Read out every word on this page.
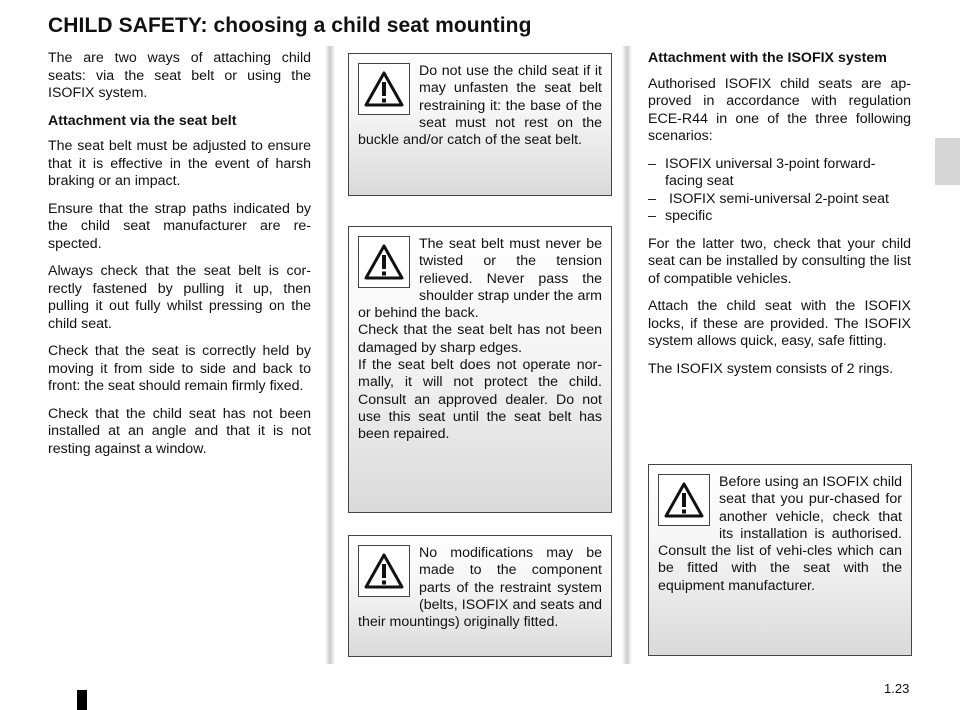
CHILD SAFETY: choosing a child seat mounting

The are two ways of attaching child seats: via the seat belt or using the ISOFIX system.

Attachment via the seat belt

The seat belt must be adjusted to ensure that it is effective in the event of harsh braking or an impact.

Ensure that the strap paths indicated by the child seat manufacturer are re-spected.

Always check that the seat belt is cor-rectly fastened by pulling it up, then pulling it out fully whilst pressing on the child seat.

Check that the seat is correctly held by moving it from side to side and back to front: the seat should remain firmly fixed.

Check that the child seat has not been installed at an angle and that it is not resting against a window.

Do not use the child seat if it may unfasten the seat belt restraining it: the base of the seat must not rest on the buckle and/or catch of the seat belt.

The seat belt must never be twisted or the tension relieved. Never pass the shoulder strap under the arm or behind the back.

Check that the seat belt has not been damaged by sharp edges.

If the seat belt does not operate nor-mally, it will not protect the child. Consult an approved dealer. Do not use this seat until the seat belt has been repaired.

No modifications may be made to the component parts of the restraint system (belts, ISOFIX and seats and their mountings) originally fitted.

Attachment with the ISOFIX system

Authorised ISOFIX child seats are ap-proved in accordance with regulation ECE-R44 in one of the three following scenarios:

– ISOFIX universal 3-point forward-facing seat
– ISOFIX semi-universal 2-point seat
– specific

For the latter two, check that your child seat can be installed by consulting the list of compatible vehicles.

Attach the child seat with the ISOFIX locks, if these are provided. The ISOFIX system allows quick, easy, safe fitting.

The ISOFIX system consists of 2 rings.

Before using an ISOFIX child seat that you pur-chased for another vehicle, check that its installation is authorised. Consult the list of vehi-cles which can be fitted with the seat with the equipment manufacturer.

1.23
